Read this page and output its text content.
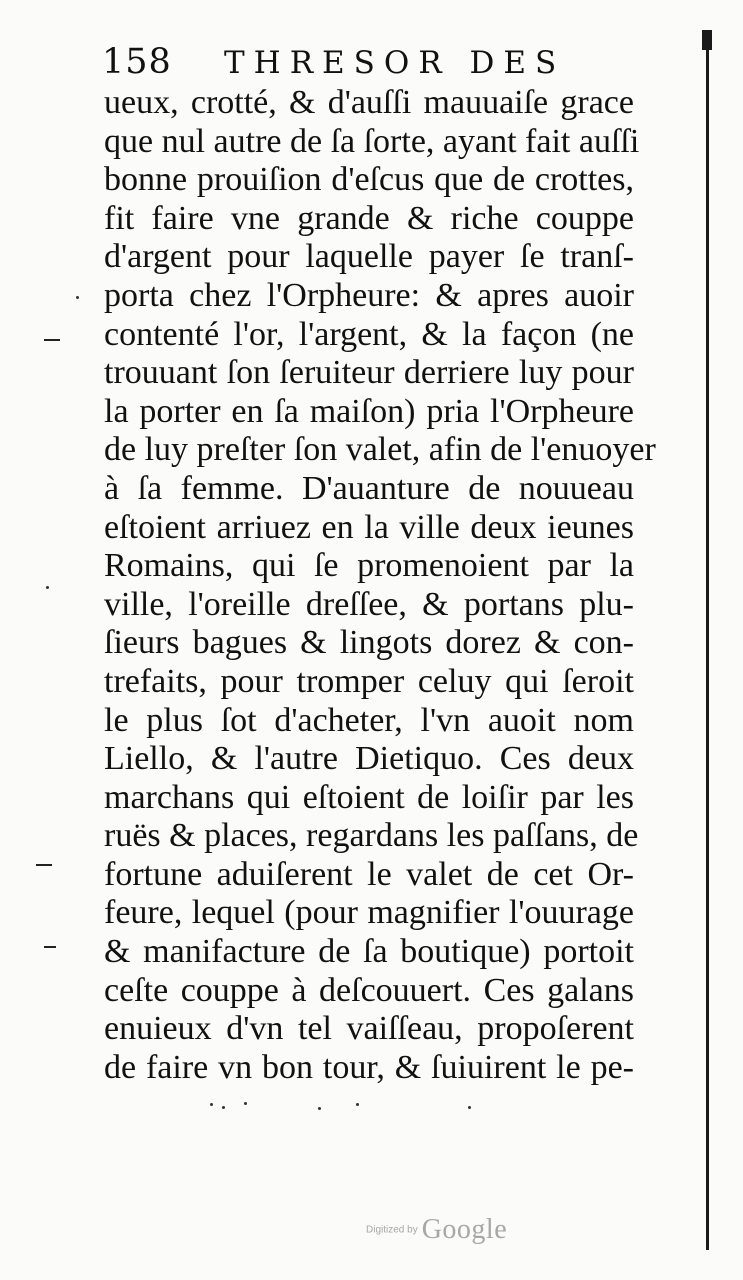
158 THRESOR DES
ueux, crotté, & d'auſſi mauuaiſe grace
que nul autre de ſa ſorte, ayant fait auſſi
bonne prouiſion d'eſcus que de crottes,
fit faire vne grande & riche couppe
d'argent pour laquelle payer ſe tranſ-
porta chez l'Orpheure: & apres auoir
contenté l'or, l'argent, & la façon (ne
trouuant ſon ſeruiteur derriere luy pour
la porter en ſa maiſon) pria l'Orpheure
de luy preſter ſon valet, afin de l'enuoyer
à ſa femme. D'auanture de nouueau
eſtoient arriuez en la ville deux ieunes
Romains, qui ſe promenoient par la
ville, l'oreille dreſſee, & portans plu-
ſieurs bagues & lingots dorez & con-
trefaits, pour tromper celuy qui ſeroit
le plus ſot d'acheter, l'vn auoit nom
Liello, & l'autre Dietiquo. Ces deux
marchans qui eſtoient de loiſir par les
ruës & places, regardans les paſſans, de
fortune aduiſerent le valet de cet Or-
feure, lequel (pour magnifier l'ouurage
& manifacture de ſa boutique) portoit
ceſte couppe à deſcouuert. Ces galans
enuieux d'vn tel vaiſſeau, propoſerent
de faire vn bon tour, & ſuiuirent le pe-
Digitized by Google
